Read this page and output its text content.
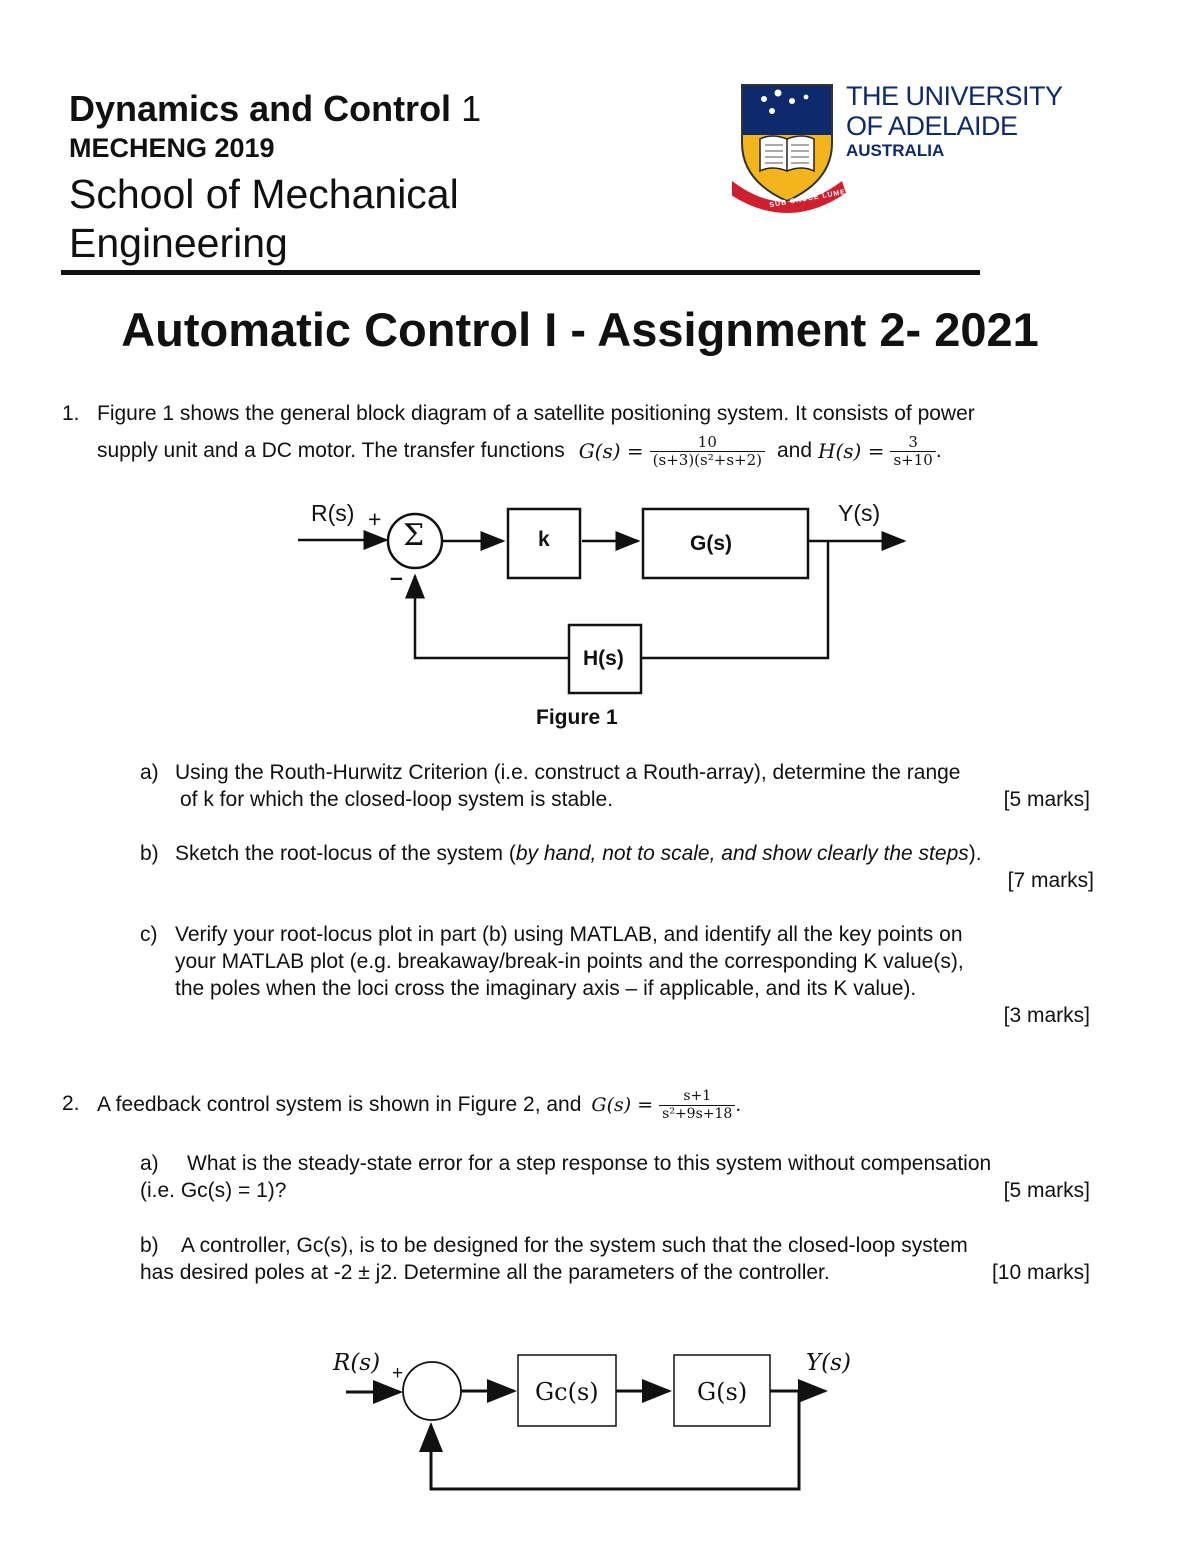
Dynamics and Control 1
MECHENG 2019
School of Mechanical Engineering
SUB CRUCE LUMEN
THE UNIVERSITY
OF ADELAIDE
AUSTRALIA
Automatic Control I - Assignment 2- 2021
1. Figure 1 shows the general block diagram of a satellite positioning system. It consists of power
supply unit and a DC motor. The transfer functions $G(s) = \frac{10}{\text{(s+3)(s²+s+2)}}$ and $H(s) = \frac{3}{s+10}$ .
R(s) +
–
Σ	k	G(s)
Y(s)
H(s)
Figure 1
a) Using the Routh-Hurwitz Criterion (i.e. construct a Routh-array), determine the range
of k for which the closed-loop system is stable.	[5 marks]
b) Sketch the root-locus of the system (by hand, not to scale, and show clearly the steps).
[7 marks]
c) Verify your root-locus plot in part (b) using MATLAB, and identify all the key points on
your MATLAB plot (e.g. breakaway/break-in points and the corresponding K value(s),
the poles when the loci cross the imaginary axis – if applicable, and its K value).
[3 marks]
2. A feedback control system is shown in Figure 2, and $G(s) = \frac{s+1}{\text{s²+9s+18}}$ .
a) What is the steady-state error for a step response to this system without compensation
(i.e. Gc(s) = 1)?	[5 marks]
b) A controller, Gc(s), is to be designed for the system such that the closed-loop system
has desired poles at -2 ± j2. Determine all the parameters of the controller.	[10 marks]
R(s) +
Gc(s)	G(s)
Y(s)
